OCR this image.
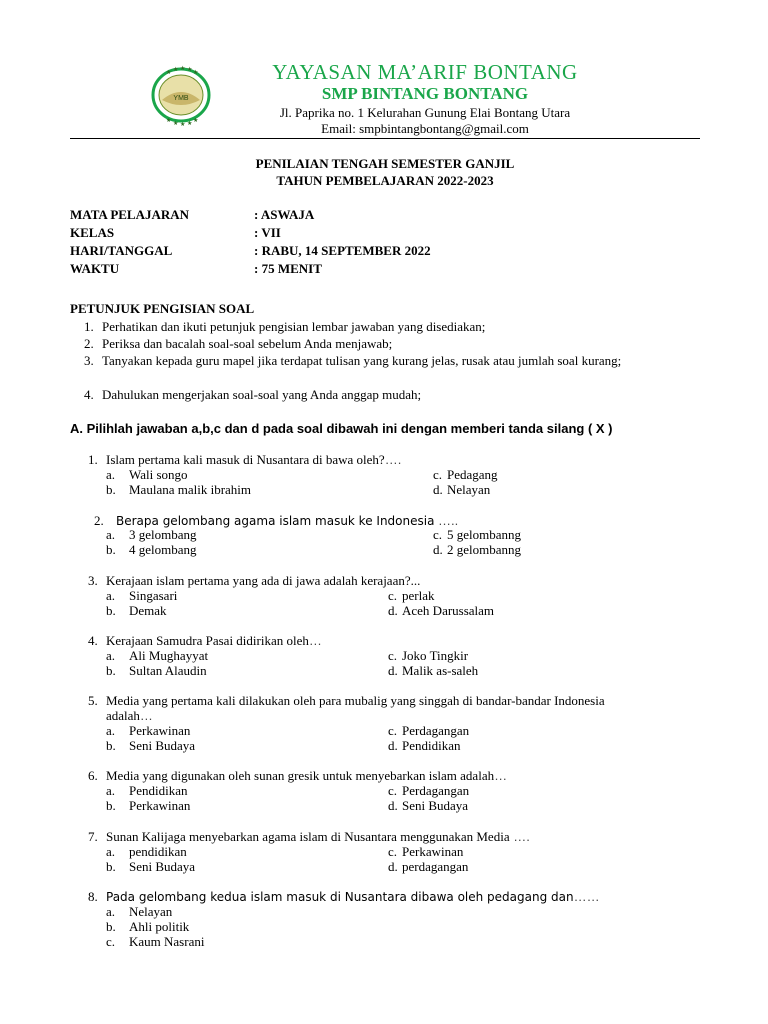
YMB
★ ★ ★ ★ ★
★ ★ ★ ★ ★
YAYASAN MA’ARIF BONTANG
SMP BINTANG BONTANG
Jl. Paprika no. 1 Kelurahan Gunung Elai Bontang Utara
Email: smpbintangbontang@gmail.com
PENILAIAN TENGAH SEMESTER GANJIL
TAHUN PEMBELAJARAN 2022-2023
MATA PELAJARAN	: ASWAJA
KELAS	: VII
HARI/TANGGAL	: RABU, 14 SEPTEMBER 2022
WAKTU	: 75 MENIT
PETUNJUK PENGISIAN SOAL
1. Perhatikan dan ikuti petunjuk pengisian lembar jawaban yang disediakan;
2. Periksa dan bacalah soal-soal sebelum Anda menjawab;
3. Tanyakan kepada guru mapel jika terdapat tulisan yang kurang jelas, rusak atau jumlah soal kurang;
4. Dahulukan mengerjakan soal-soal yang Anda anggap mudah;
A. Pilihlah jawaban a,b,c dan d pada soal dibawah ini dengan memberi tanda silang ( X )
1. Islam pertama kali masuk di Nusantara di bawa oleh?….
a. Wali songo	c. Pedagang
b. Maulana malik ibrahim	d. Nelayan
2. Berapa gelombang agama islam masuk ke Indonesia …..
a. 3 gelombang	c. 5 gelombanng
b. 4 gelombang	d. 2 gelombanng
3. Kerajaan islam pertama yang ada di jawa adalah kerajaan?...
a. Singasari	c. perlak
b. Demak	d. Aceh Darussalam
4. Kerajaan Samudra Pasai didirikan oleh…
a. Ali Mughayyat	c. Joko Tingkir
b. Sultan Alaudin	d. Malik as-saleh
5. Media yang pertama kali dilakukan oleh para mubalig yang singgah di bandar-bandar Indonesia
adalah…
a. Perkawinan	c. Perdagangan
b. Seni Budaya	d. Pendidikan
6. Media yang digunakan oleh sunan gresik untuk menyebarkan islam adalah…
a. Pendidikan	c. Perdagangan
b. Perkawinan	d. Seni Budaya
7. Sunan Kalijaga menyebarkan agama islam di Nusantara menggunakan Media ….
a. pendidikan	c. Perkawinan
b. Seni Budaya	d. perdagangan
8. Pada gelombang kedua islam masuk di Nusantara dibawa oleh pedagang dan……
a. Nelayan
b. Ahli politik
c. Kaum Nasrani
